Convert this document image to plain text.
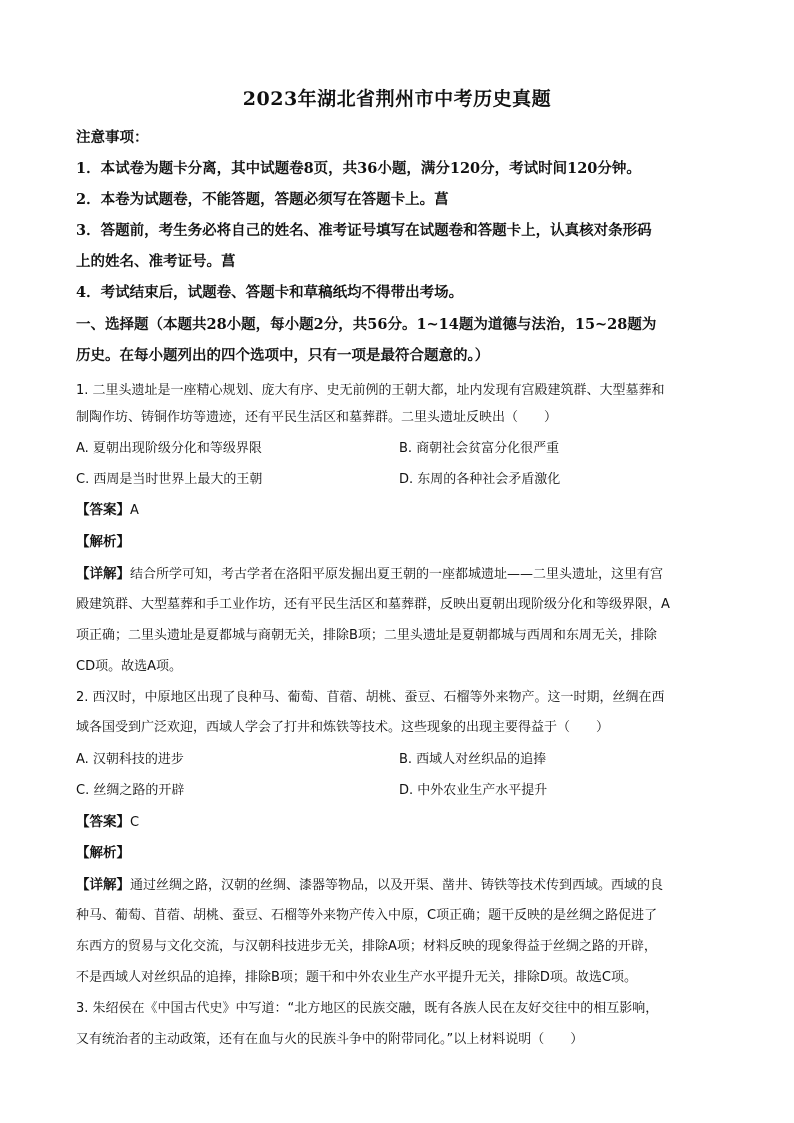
2023年湖北省荆州市中考历史真题
注意事项：
1．本试卷为题卡分离，其中试题卷8页，共36小题，满分120分，考试时间120分钟。
2．本卷为试题卷，不能答题，答题必须写在答题卡上。菖
3．答题前，考生务必将自己的姓名、准考证号填写在试题卷和答题卡上，认真核对条形码
上的姓名、准考证号。菖
4．考试结束后，试题卷、答题卡和草稿纸均不得带出考场。
一、选择题（本题共28小题，每小题2分，共56分。1~14题为道德与法治，15~28题为
历史。在每小题列出的四个选项中，只有一项是最符合题意的。）
1. 二里头遗址是一座精心规划、庞大有序、史无前例的王朝大都，址内发现有宫殿建筑群、大型墓葬和
制陶作坊、铸铜作坊等遗迹，还有平民生活区和墓葬群。二里头遗址反映出（　　）
A. 夏朝出现阶级分化和等级界限	B. 商朝社会贫富分化很严重
C. 西周是当时世界上最大的王朝	D. 东周的各种社会矛盾激化
【答案】A
【解析】
【详解】结合所学可知，考古学者在洛阳平原发掘出夏王朝的一座都城遗址——二里头遗址，这里有宫
殿建筑群、大型墓葬和手工业作坊，还有平民生活区和墓葬群，反映出夏朝出现阶级分化和等级界限，A
项正确；二里头遗址是夏都城与商朝无关，排除B项；二里头遗址是夏朝都城与西周和东周无关，排除
CD项。故选A项。
2. 西汉时，中原地区出现了良种马、葡萄、苜蓿、胡桃、蚕豆、石榴等外来物产。这一时期，丝绸在西
域各国受到广泛欢迎，西域人学会了打井和炼铁等技术。这些现象的出现主要得益于（　　）
A. 汉朝科技的进步	B. 西域人对丝织品的追捧
C. 丝绸之路的开辟	D. 中外农业生产水平提升
【答案】C
【解析】
【详解】通过丝绸之路，汉朝的丝绸、漆器等物品，以及开渠、凿井、铸铁等技术传到西域。西域的良
种马、葡萄、苜蓿、胡桃、蚕豆、石榴等外来物产传入中原，C项正确；题干反映的是丝绸之路促进了
东西方的贸易与文化交流，与汉朝科技进步无关，排除A项；材料反映的现象得益于丝绸之路的开辟，
不是西域人对丝织品的追捧，排除B项；题干和中外农业生产水平提升无关，排除D项。故选C项。
3. 朱绍侯在《中国古代史》中写道：“北方地区的民族交融，既有各族人民在友好交往中的相互影响，
又有统治者的主动政策，还有在血与火的民族斗争中的附带同化。”以上材料说明（　　）
